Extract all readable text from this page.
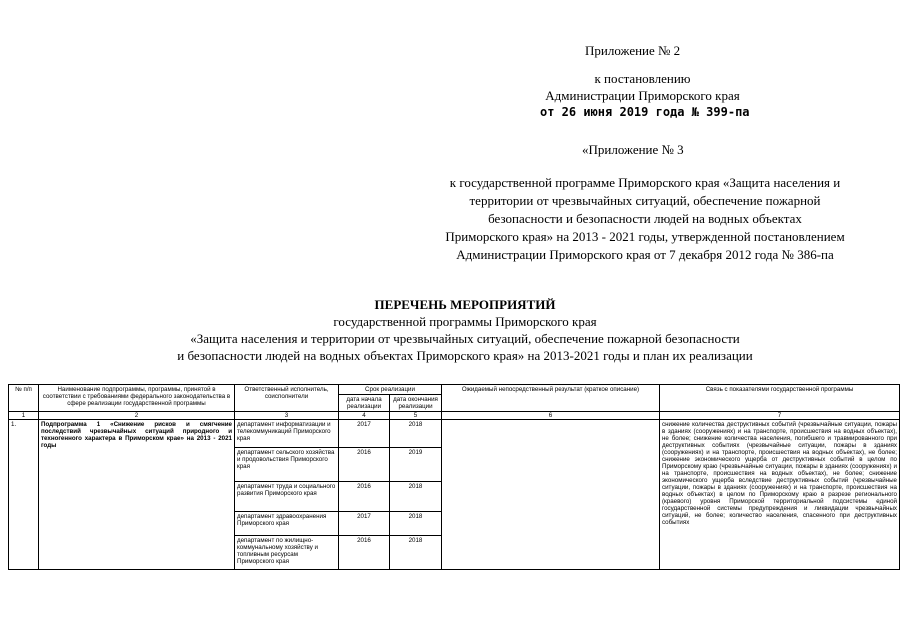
Приложение № 2
к постановлению
Администрации Приморского края
от 26 июня 2019 года № 399-па
«Приложение № 3
к государственной программе Приморского края «Защита населения и
территории от чрезвычайных ситуаций, обеспечение пожарной
безопасности и безопасности людей на водных объектах
Приморского края» на 2013 - 2021 годы, утвержденной постановлением
Администрации Приморского края от 7 декабря 2012 года № 386-па
ПЕРЕЧЕНЬ МЕРОПРИЯТИЙ
государственной программы Приморского края
«Защита населения и территории от чрезвычайных ситуаций, обеспечение пожарной безопасности
и безопасности людей на водных объектах Приморского края» на 2013-2021 годы и план их реализации
№ п/п	Наименование подпрограммы, программы, принятой в соответствии с требованиями федерального законодательства в сфере реализации государственной программы	Ответственный исполнитель, соисполнители	Срок реализации		Ожидаемый непосредственный результат (краткое описание)	Связь с показателями государственной программы
			дата начала реализации	дата окончания реализации		
1	2	3	4	5	6	7
1.	Подпрограмма 1 «Снижение рисков и смягчение последствий чрезвычайных ситуаций природного и техногенного характера в Приморском крае» на 2013 - 2021 годы	департамент информатизации и телекоммуникаций Приморского края	2017	2018		снижение количества деструктивных событий (чрезвычайные ситуации, пожары в зданиях (сооружениях) и на транспорте, происшествия на водных объектах), не более; снижение количества населения, погибшего и травмированного при деструктивных событиях (чрезвычайные ситуации, пожары в зданиях (сооружениях) и на транспорте, происшествия на водных объектах), не более; снижение экономического ущерба от деструктивных событий в целом по Приморскому краю (чрезвычайные ситуации, пожары в зданиях (сооружениях) и на транспорте, происшествия на водных объектах), не более; снижение экономического ущерба вследствие деструктивных событий (чрезвычайные ситуации, пожары в зданиях (сооружениях) и на транспорте, происшествия на водных объектах) в целом по Приморскому краю в разрезе регионального (краевого) уровня Приморской территориальной подсистемы единой государственной системы предупреждения и ликвидации чрезвычайных ситуаций, не более; количество населения, спасенного при деструктивных событиях
		департамент сельского хозяйства и продовольствия Приморского края	2016	2019		
		департамент труда и социального развития Приморского края	2016	2018		
		департамент здравоохранения Приморского края	2017	2018		
		департамент по жилищно-коммунальному хозяйству и топливным ресурсам Приморского края	2016	2018		
